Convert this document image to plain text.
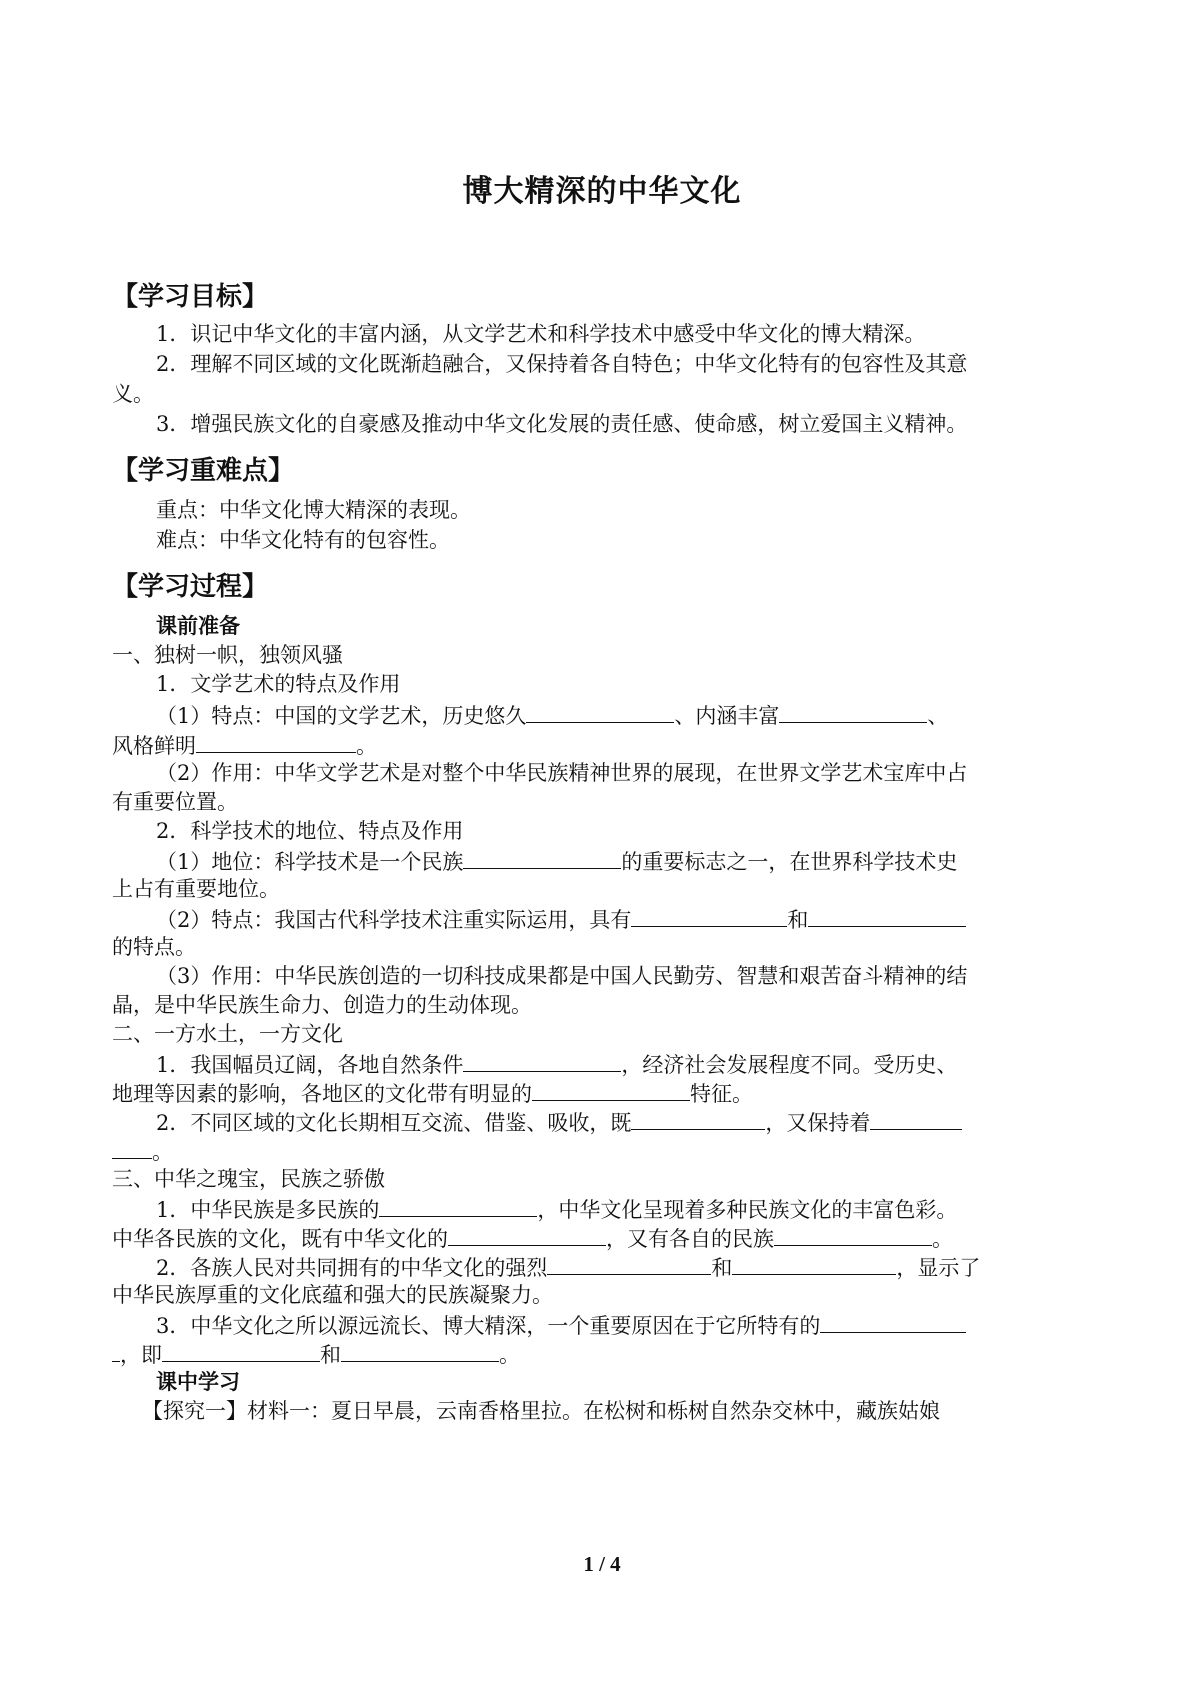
博大精深的中华文化
【学习目标】
1．识记中华文化的丰富内涵，从文学艺术和科学技术中感受中华文化的博大精深。
2．理解不同区域的文化既渐趋融合，又保持着各自特色；中华文化特有的包容性及其意
义。
3．增强民族文化的自豪感及推动中华文化发展的责任感、使命感，树立爱国主义精神。
【学习重难点】
重点：中华文化博大精深的表现。
难点：中华文化特有的包容性。
【学习过程】
课前准备
一、独树一帜，独领风骚
1．文学艺术的特点及作用
（1）特点：中国的文学艺术，历史悠久	、内涵丰富	、
风格鲜明	。
（2）作用：中华文学艺术是对整个中华民族精神世界的展现，在世界文学艺术宝库中占
有重要位置。
2．科学技术的地位、特点及作用
（1）地位：科学技术是一个民族	的重要标志之一，在世界科学技术史
上占有重要地位。
（2）特点：我国古代科学技术注重实际运用，具有	和
的特点。
（3）作用：中华民族创造的一切科技成果都是中国人民勤劳、智慧和艰苦奋斗精神的结
晶，是中华民族生命力、创造力的生动体现。
二、一方水土，一方文化
1．我国幅员辽阔，各地自然条件	，经济社会发展程度不同。受历史、
地理等因素的影响，各地区的文化带有明显的	特征。
2．不同区域的文化长期相互交流、借鉴、吸收，既	，又保持着
。
三、中华之瑰宝，民族之骄傲
1．中华民族是多民族的	，中华文化呈现着多种民族文化的丰富色彩。
中华各民族的文化，既有中华文化的	，又有各自的民族	。
2．各族人民对共同拥有的中华文化的强烈	和	，显示了
中华民族厚重的文化底蕴和强大的民族凝聚力。
3．中华文化之所以源远流长、博大精深，一个重要原因在于它所特有的
，即	和	。
课中学习
【探究一】材料一：夏日早晨，云南香格里拉。在松树和栎树自然杂交林中，藏族姑娘
1 / 4
